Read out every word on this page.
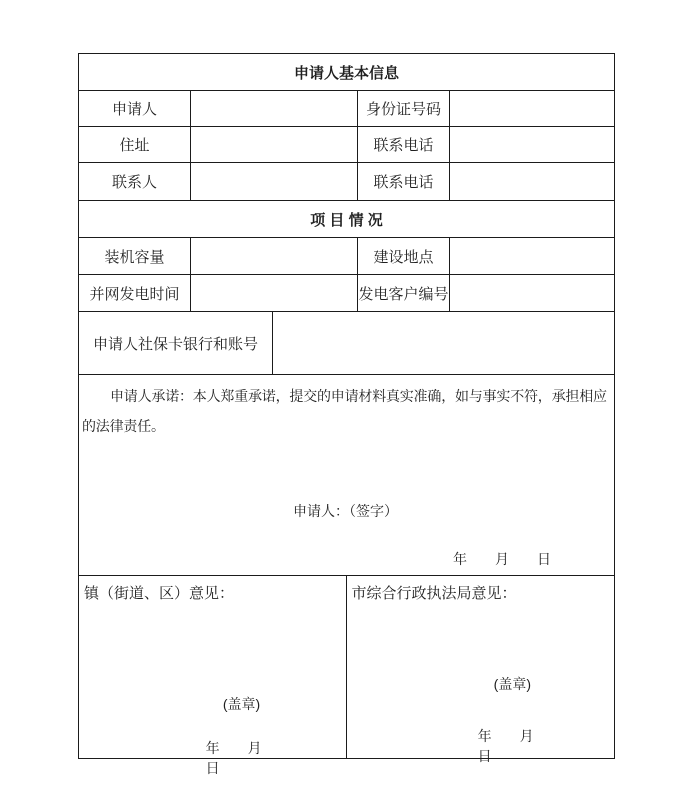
申请人基本信息
申请人	身份证号码
住址	联系电话
联系人	联系电话
项 目 情 况
装机容量	建设地点
并网发电时间	发电客户编号
申请人社保卡银行和账号

申请人承诺：本人郑重承诺，提交的申请材料真实准确，如与事实不符，承担相应的法律责任。

申请人：（签字）
年　　月　　日
镇（街道、区）意见：
(盖章)
年　　月　　日
市综合行政执法局意见：
(盖章)
年　　月　　日
